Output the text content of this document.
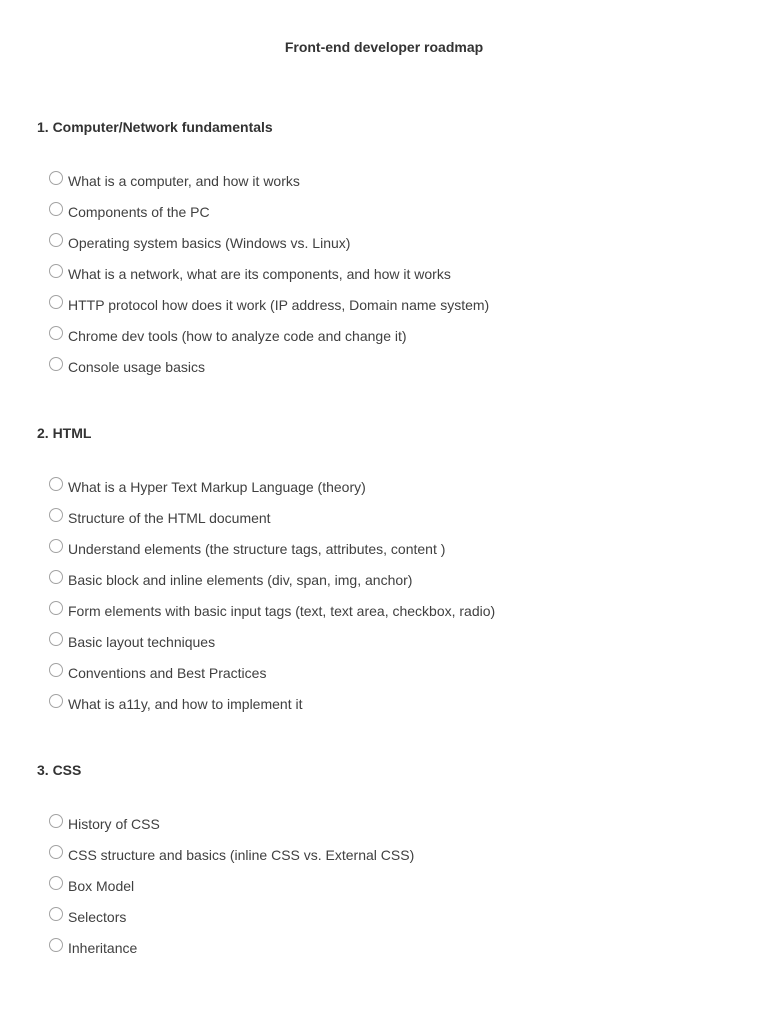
Front-end developer roadmap
1. Computer/Network fundamentals
What is a computer, and how it works
Components of the PC
Operating system basics (Windows vs. Linux)
What is a network, what are its components, and how it works
HTTP protocol how does it work (IP address, Domain name system)
Chrome dev tools (how to analyze code and change it)
Console usage basics
2. HTML
What is a Hyper Text Markup Language (theory)
Structure of the HTML document
Understand elements (the structure tags, attributes, content )
Basic block and inline elements (div, span, img, anchor)
Form elements with basic input tags (text, text area, checkbox, radio)
Basic layout techniques
Conventions and Best Practices
What is a11y, and how to implement it
3. CSS
History of CSS
CSS structure and basics (inline CSS vs. External CSS)
Box Model
Selectors
Inheritance
